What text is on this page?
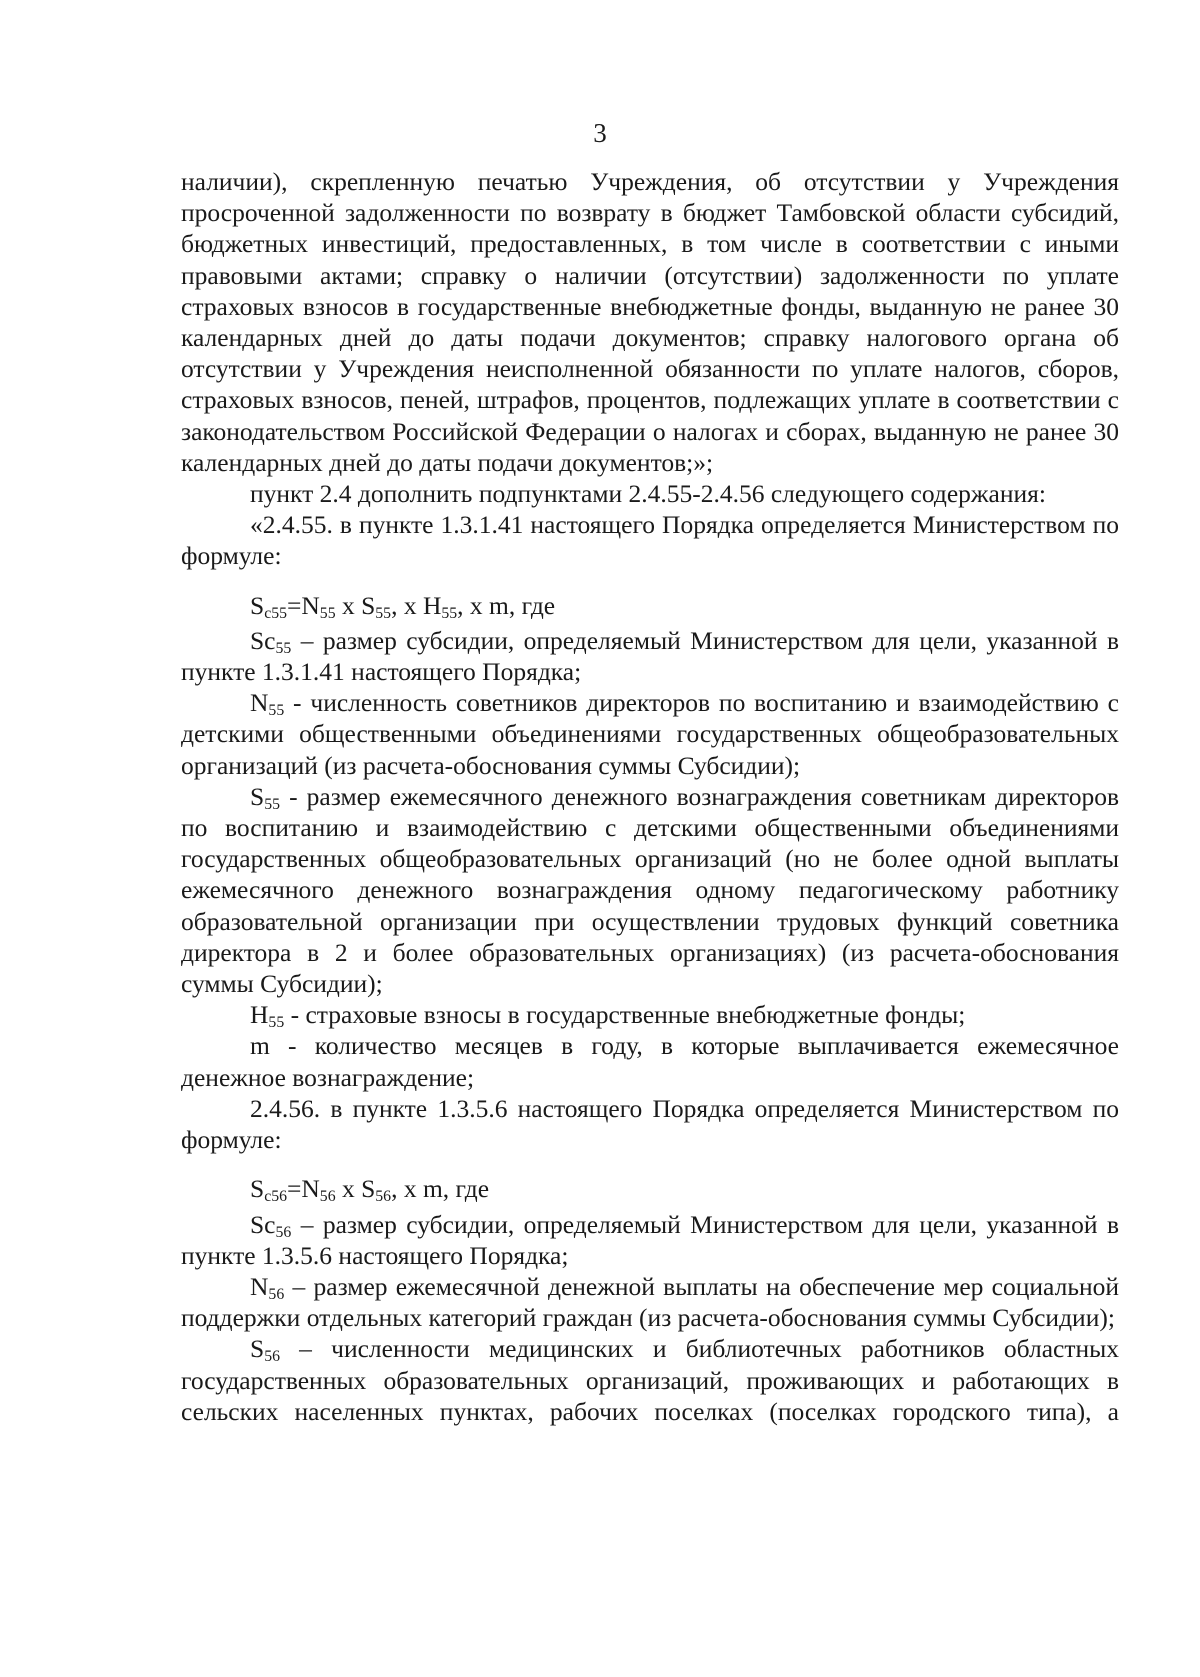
3

наличии), скрепленную печатью Учреждения, об отсутствии у Учреждения просроченной задолженности по возврату в бюджет Тамбовской области субсидий, бюджетных инвестиций, предоставленных, в том числе в соответствии с иными правовыми актами; справку о наличии (отсутствии) задолженности по уплате страховых взносов в государственные внебюджетные фонды, выданную не ранее 30 календарных дней до даты подачи документов; справку налогового органа об отсутствии у Учреждения неисполненной обязанности по уплате налогов, сборов, страховых взносов, пеней, штрафов, процентов, подлежащих уплате в соответствии с законодательством Российской Федерации о налогах и сборах, выданную не ранее 30 календарных дней до даты подачи документов;»;

пункт 2.4 дополнить подпунктами 2.4.55-2.4.56 следующего содержания:

«2.4.55. в пункте 1.3.1.41 настоящего Порядка определяется Министерством по формуле:

$S_{c55}=N_{55}$ x $S_{55}$, x $H_{55}$, x m, где

$Sc_{55}$ – размер субсидии, определяемый Министерством для цели, указанной в пункте 1.3.1.41 настоящего Порядка;

$N_{55}$ - численность советников директоров по воспитанию и взаимодействию с детскими общественными объединениями государственных общеобразовательных организаций (из расчета-обоснования суммы Субсидии);

$S_{55}$ - размер ежемесячного денежного вознаграждения советникам директоров по воспитанию и взаимодействию с детскими общественными объединениями государственных общеобразовательных организаций (но не более одной выплаты ежемесячного денежного вознаграждения одному педагогическому работнику образовательной организации при осуществлении трудовых функций советника директора в 2 и более образовательных организациях) (из расчета-обоснования суммы Субсидии);

$H_{55}$ - страховые взносы в государственные внебюджетные фонды;

m - количество месяцев в году, в которые выплачивается ежемесячное денежное вознаграждение;

2.4.56. в пункте 1.3.5.6 настоящего Порядка определяется Министерством по формуле:

$S_{c56}=N_{56}$ x $S_{56}$, x m, где

$Sc_{56}$ – размер субсидии, определяемый Министерством для цели, указанной в пункте 1.3.5.6 настоящего Порядка;

$N_{56}$ – размер ежемесячной денежной выплаты на обеспечение мер социальной поддержки отдельных категорий граждан (из расчета-обоснования суммы Субсидии);

$S_{56}$ – численности медицинских и библиотечных работников областных государственных образовательных организаций, проживающих и работающих в сельских населенных пунктах, рабочих поселках (поселках городского типа), а
